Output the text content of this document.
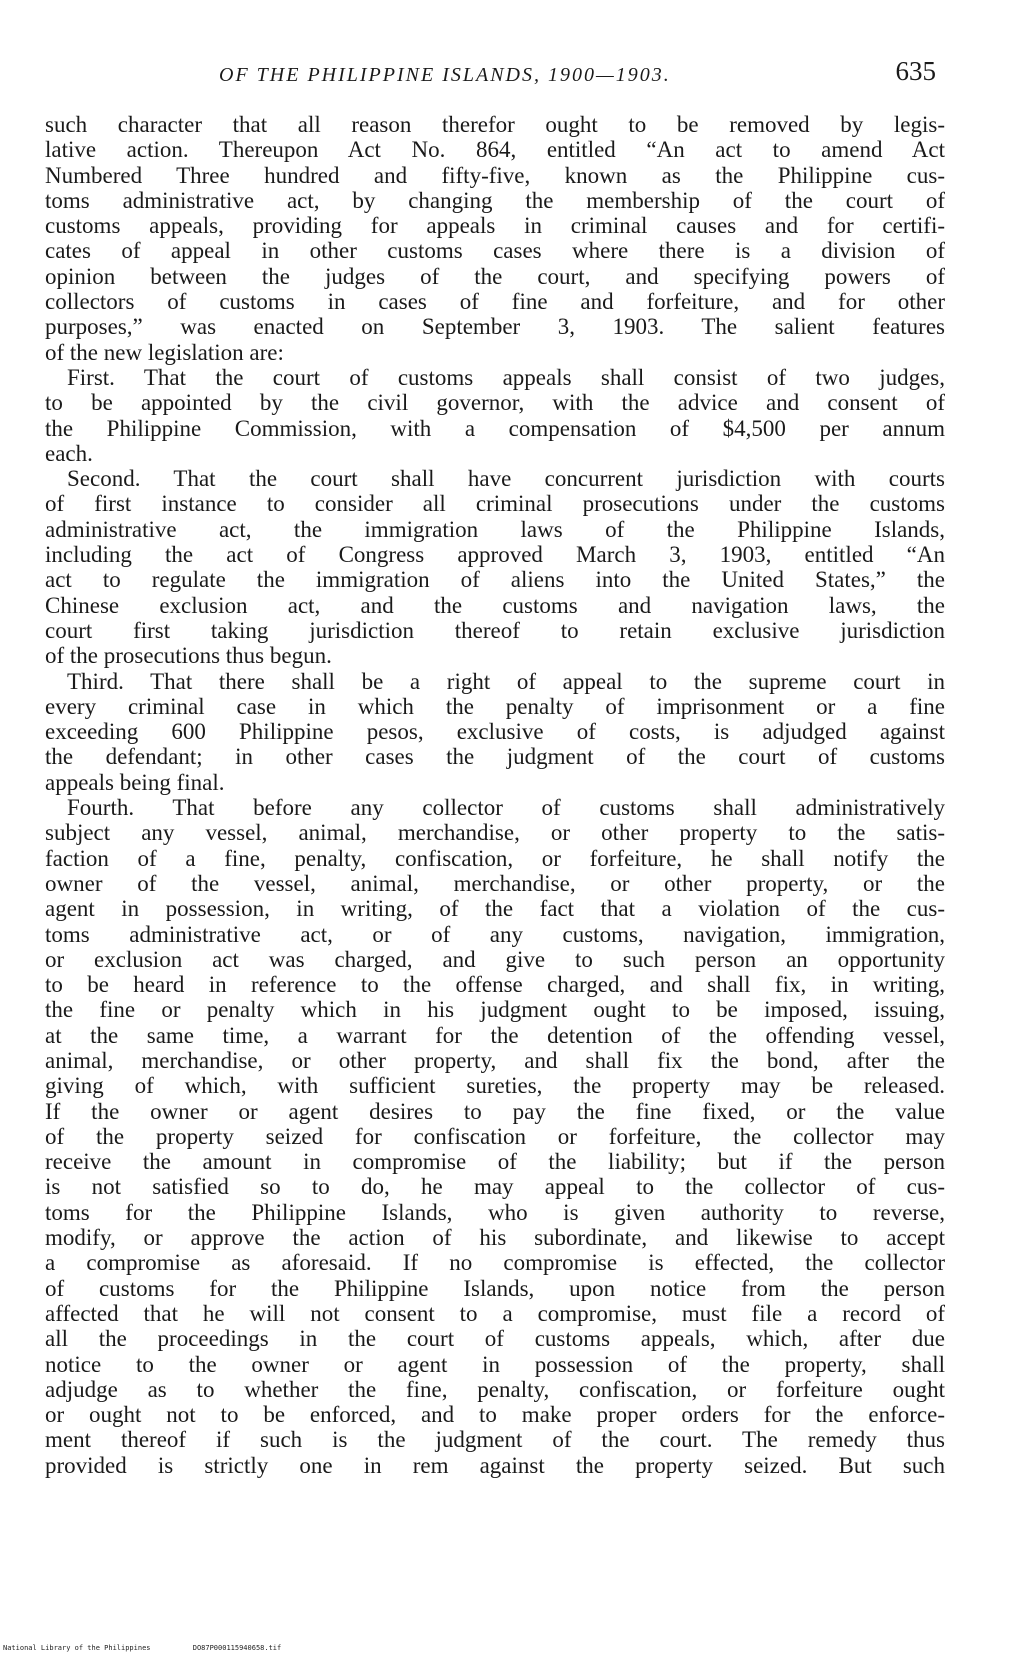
OF THE PHILIPPINE ISLANDS, 1900—1903.	635
such character that all reason therefor ought to be removed by legis-
lative action. Thereupon Act No. 864, entitled “An act to amend Act
Numbered Three hundred and fifty-five, known as the Philippine cus-
toms administrative act, by changing the membership of the court of
customs appeals, providing for appeals in criminal causes and for certifi-
cates of appeal in other customs cases where there is a division of
opinion between the judges of the court, and specifying powers of
collectors of customs in cases of fine and forfeiture, and for other
purposes,” was enacted on September 3, 1903. The salient features
of the new legislation are:
First. That the court of customs appeals shall consist of two judges,
to be appointed by the civil governor, with the advice and consent of
the Philippine Commission, with a compensation of $4,500 per annum
each.
Second. That the court shall have concurrent jurisdiction with courts
of first instance to consider all criminal prosecutions under the customs
administrative act, the immigration laws of the Philippine Islands,
including the act of Congress approved March 3, 1903, entitled “An
act to regulate the immigration of aliens into the United States,” the
Chinese exclusion act, and the customs and navigation laws, the
court first taking jurisdiction thereof to retain exclusive jurisdiction
of the prosecutions thus begun.
Third. That there shall be a right of appeal to the supreme court in
every criminal case in which the penalty of imprisonment or a fine
exceeding 600 Philippine pesos, exclusive of costs, is adjudged against
the defendant; in other cases the judgment of the court of customs
appeals being final.
Fourth. That before any collector of customs shall administratively
subject any vessel, animal, merchandise, or other property to the satis-
faction of a fine, penalty, confiscation, or forfeiture, he shall notify the
owner of the vessel, animal, merchandise, or other property, or the
agent in possession, in writing, of the fact that a violation of the cus-
toms administrative act, or of any customs, navigation, immigration,
or exclusion act was charged, and give to such person an opportunity
to be heard in reference to the offense charged, and shall fix, in writing,
the fine or penalty which in his judgment ought to be imposed, issuing,
at the same time, a warrant for the detention of the offending vessel,
animal, merchandise, or other property, and shall fix the bond, after the
giving of which, with sufficient sureties, the property may be released.
If the owner or agent desires to pay the fine fixed, or the value
of the property seized for confiscation or forfeiture, the collector may
receive the amount in compromise of the liability; but if the person
is not satisfied so to do, he may appeal to the collector of cus-
toms for the Philippine Islands, who is given authority to reverse,
modify, or approve the action of his subordinate, and likewise to accept
a compromise as aforesaid. If no compromise is effected, the collector
of customs for the Philippine Islands, upon notice from the person
affected that he will not consent to a compromise, must file a record of
all the proceedings in the court of customs appeals, which, after due
notice to the owner or agent in possession of the property, shall
adjudge as to whether the fine, penalty, confiscation, or forfeiture ought
or ought not to be enforced, and to make proper orders for the enforce-
ment thereof if such is the judgment of the court. The remedy thus
provided is strictly one in rem against the property seized. But such
National Library of the Philippines	DO87P000115940658.tif
